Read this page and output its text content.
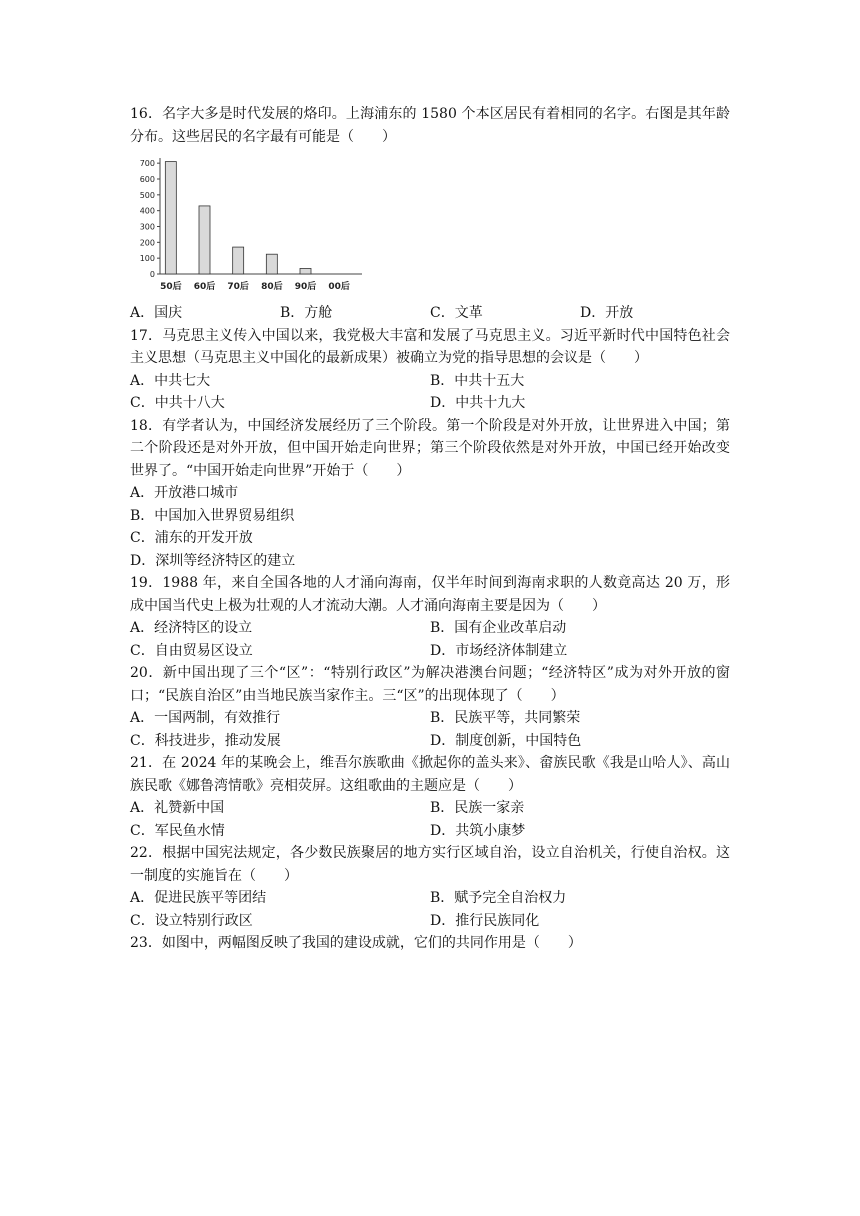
16．名字大多是时代发展的烙印。上海浦东的 1580 个本区居民有着相同的名字。右图是其年龄分布。这些居民的名字最有可能是（　　）

0
100
200
300
400
500
600
700
50后 60后 70后 80后 90后 00后
A．国庆	B．方舱	C．文革	D．开放

17．马克思主义传入中国以来，我党极大丰富和发展了马克思主义。习近平新时代中国特色社会主义思想（马克思主义中国化的最新成果）被确立为党的指导思想的会议是（　　）

A．中共七大	B．中共十五大
C．中共十八大	D．中共十九大

18．有学者认为，中国经济发展经历了三个阶段。第一个阶段是对外开放，让世界进入中国；第二个阶段还是对外开放，但中国开始走向世界；第三个阶段依然是对外开放，中国已经开始改变世界了。“中国开始走向世界”开始于（　　）

A．开放港口城市
B．中国加入世界贸易组织
C．浦东的开发开放
D．深圳等经济特区的建立

19．1988 年，来自全国各地的人才涌向海南，仅半年时间到海南求职的人数竟高达 20 万，形成中国当代史上极为壮观的人才流动大潮。人才涌向海南主要是因为（　　）

A．经济特区的设立	B．国有企业改革启动
C．自由贸易区设立	D．市场经济体制建立

20．新中国出现了三个“区”：“特别行政区”为解决港澳台问题；“经济特区”成为对外开放的窗口；“民族自治区”由当地民族当家作主。三“区”的出现体现了（　　）

A．一国两制，有效推行	B．民族平等，共同繁荣
C．科技进步，推动发展	D．制度创新，中国特色

21．在 2024 年的某晚会上，维吾尔族歌曲《掀起你的盖头来》、畲族民歌《我是山哈人》、高山族民歌《娜鲁湾情歌》亮相荧屏。这组歌曲的主题应是（　　）

A．礼赞新中国	B．民族一家亲
C．军民鱼水情	D．共筑小康梦

22．根据中国宪法规定，各少数民族聚居的地方实行区域自治，设立自治机关，行使自治权。这一制度的实施旨在（　　）

A．促进民族平等团结	B．赋予完全自治权力
C．设立特别行政区	D．推行民族同化

23．如图中，两幅图反映了我国的建设成就，它们的共同作用是（　　）
